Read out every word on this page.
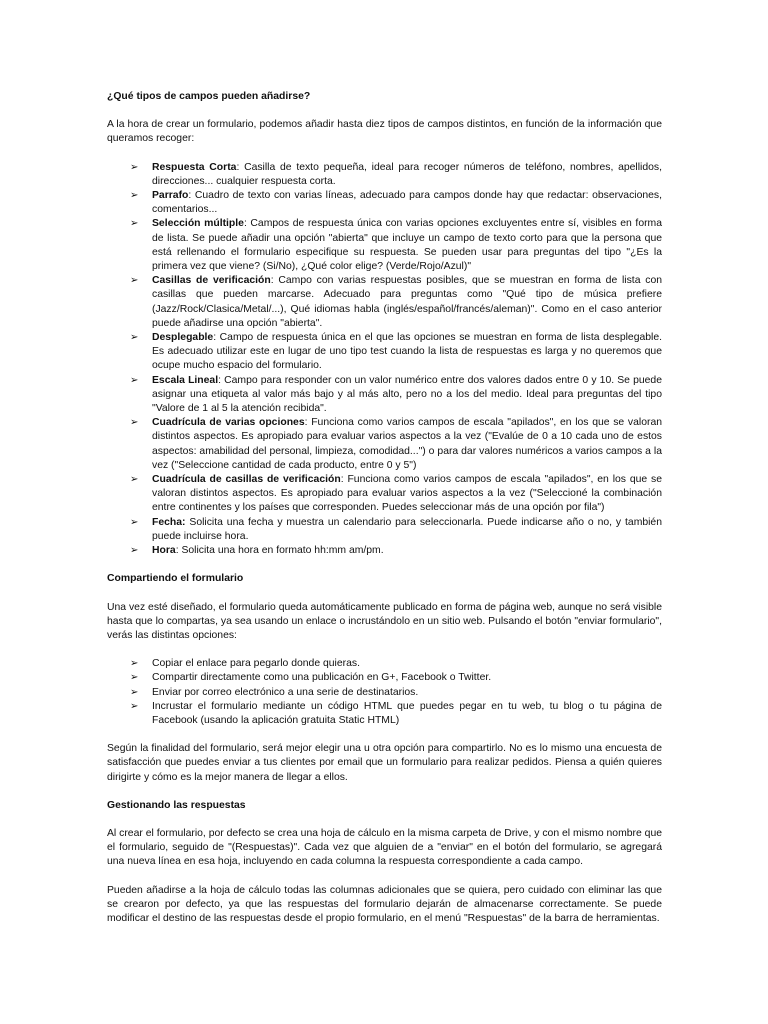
¿Qué tipos de campos pueden añadirse?
A la hora de crear un formulario, podemos añadir hasta diez tipos de campos distintos, en función de la información que queramos recoger:
➢ Respuesta Corta: Casilla de texto pequeña, ideal para recoger números de teléfono, nombres, apellidos, direcciones... cualquier respuesta corta.
➢ Parrafo: Cuadro de texto con varias líneas, adecuado para campos donde hay que redactar: observaciones, comentarios...
➢ Selección múltiple: Campos de respuesta única con varias opciones excluyentes entre sí, visibles en forma de lista. Se puede añadir una opción "abierta" que incluye un campo de texto corto para que la persona que está rellenando el formulario especifique su respuesta. Se pueden usar para preguntas del tipo "¿Es la primera vez que viene? (Si/No), ¿Qué color elige? (Verde/Rojo/Azul)"
➢ Casillas de verificación: Campo con varias respuestas posibles, que se muestran en forma de lista con casillas que pueden marcarse. Adecuado para preguntas como "Qué tipo de música prefiere (Jazz/Rock/Clasica/Metal/...), Qué idiomas habla (inglés/español/francés/aleman)". Como en el caso anterior puede añadirse una opción "abierta".
➢ Desplegable: Campo de respuesta única en el que las opciones se muestran en forma de lista desplegable. Es adecuado utilizar este en lugar de uno tipo test cuando la lista de respuestas es larga y no queremos que ocupe mucho espacio del formulario.
➢ Escala Lineal: Campo para responder con un valor numérico entre dos valores dados entre 0 y 10. Se puede asignar una etiqueta al valor más bajo y al más alto, pero no a los del medio. Ideal para preguntas del tipo "Valore de 1 al 5 la atención recibida".
➢ Cuadrícula de varias opciones: Funciona como varios campos de escala "apilados", en los que se valoran distintos aspectos. Es apropiado para evaluar varios aspectos a la vez ("Evalúe de 0 a 10 cada uno de estos aspectos: amabilidad del personal, limpieza, comodidad...") o para dar valores numéricos a varios campos a la vez ("Seleccione cantidad de cada producto, entre 0 y 5")
➢ Cuadrícula de casillas de verificación: Funciona como varios campos de escala "apilados", en los que se valoran distintos aspectos. Es apropiado para evaluar varios aspectos a la vez ("Seleccioné la combinación entre continentes y los países que corresponden. Puedes seleccionar más de una opción por fila")
➢ Fecha: Solicita una fecha y muestra un calendario para seleccionarla. Puede indicarse año o no, y también puede incluirse hora.
➢ Hora: Solicita una hora en formato hh:mm am/pm.
Compartiendo el formulario
Una vez esté diseñado, el formulario queda automáticamente publicado en forma de página web, aunque no será visible hasta que lo compartas, ya sea usando un enlace o incrustándolo en un sitio web. Pulsando el botón "enviar formulario", verás las distintas opciones:
➢ Copiar el enlace para pegarlo donde quieras.
➢ Compartir directamente como una publicación en G+, Facebook o Twitter.
➢ Enviar por correo electrónico a una serie de destinatarios.
➢ Incrustar el formulario mediante un código HTML que puedes pegar en tu web, tu blog o tu página de Facebook (usando la aplicación gratuita Static HTML)
Según la finalidad del formulario, será mejor elegir una u otra opción para compartirlo. No es lo mismo una encuesta de satisfacción que puedes enviar a tus clientes por email que un formulario para realizar pedidos. Piensa a quién quieres dirigirte y cómo es la mejor manera de llegar a ellos.
Gestionando las respuestas
Al crear el formulario, por defecto se crea una hoja de cálculo en la misma carpeta de Drive, y con el mismo nombre que el formulario, seguido de "(Respuestas)". Cada vez que alguien de a "enviar" en el botón del formulario, se agregará una nueva línea en esa hoja, incluyendo en cada columna la respuesta correspondiente a cada campo.
Pueden añadirse a la hoja de cálculo todas las columnas adicionales que se quiera, pero cuidado con eliminar las que se crearon por defecto, ya que las respuestas del formulario dejarán de almacenarse correctamente. Se puede modificar el destino de las respuestas desde el propio formulario, en el menú "Respuestas" de la barra de herramientas.
